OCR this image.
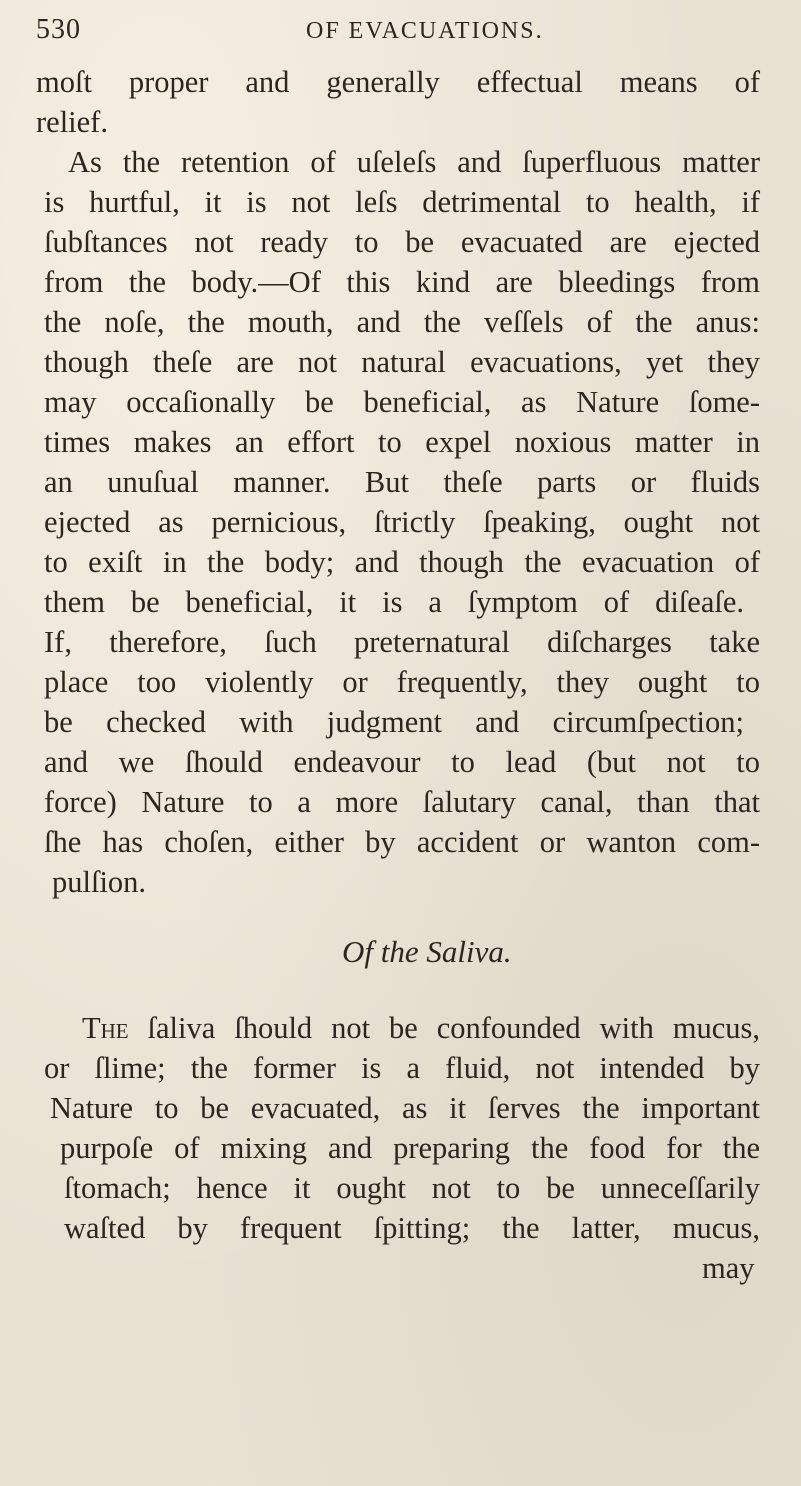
530	OF EVACUATIONS.
moſt proper and generally effectual means of
relief.
As the retention of uſeleſs and ſuperfluous matter
is hurtful, it is not leſs detrimental to health, if
ſubſtances not ready to be evacuated are ejected
from the body.—Of this kind are bleedings from
the noſe, the mouth, and the veſſels of the anus:
though theſe are not natural evacuations, yet they
may occaſionally be beneficial, as Nature ſome-
times makes an effort to expel noxious matter in
an unuſual manner. But theſe parts or fluids
ejected as pernicious, ſtrictly ſpeaking, ought not
to exiſt in the body; and though the evacuation of
them be beneficial, it is a ſymptom of diſeaſe.
If, therefore, ſuch preternatural diſcharges take
place too violently or frequently, they ought to
be checked with judgment and circumſpection;
and we ſhould endeavour to lead (but not to
force) Nature to a more ſalutary canal, than that
ſhe has choſen, either by accident or wanton com-
pulſion.
Of the Saliva.
The ſaliva ſhould not be confounded with mucus,
or ſlime; the former is a fluid, not intended by
Nature to be evacuated, as it ſerves the important
purpoſe of mixing and preparing the food for the
ſtomach; hence it ought not to be unneceſſarily
waſted by frequent ſpitting; the latter, mucus,
may
